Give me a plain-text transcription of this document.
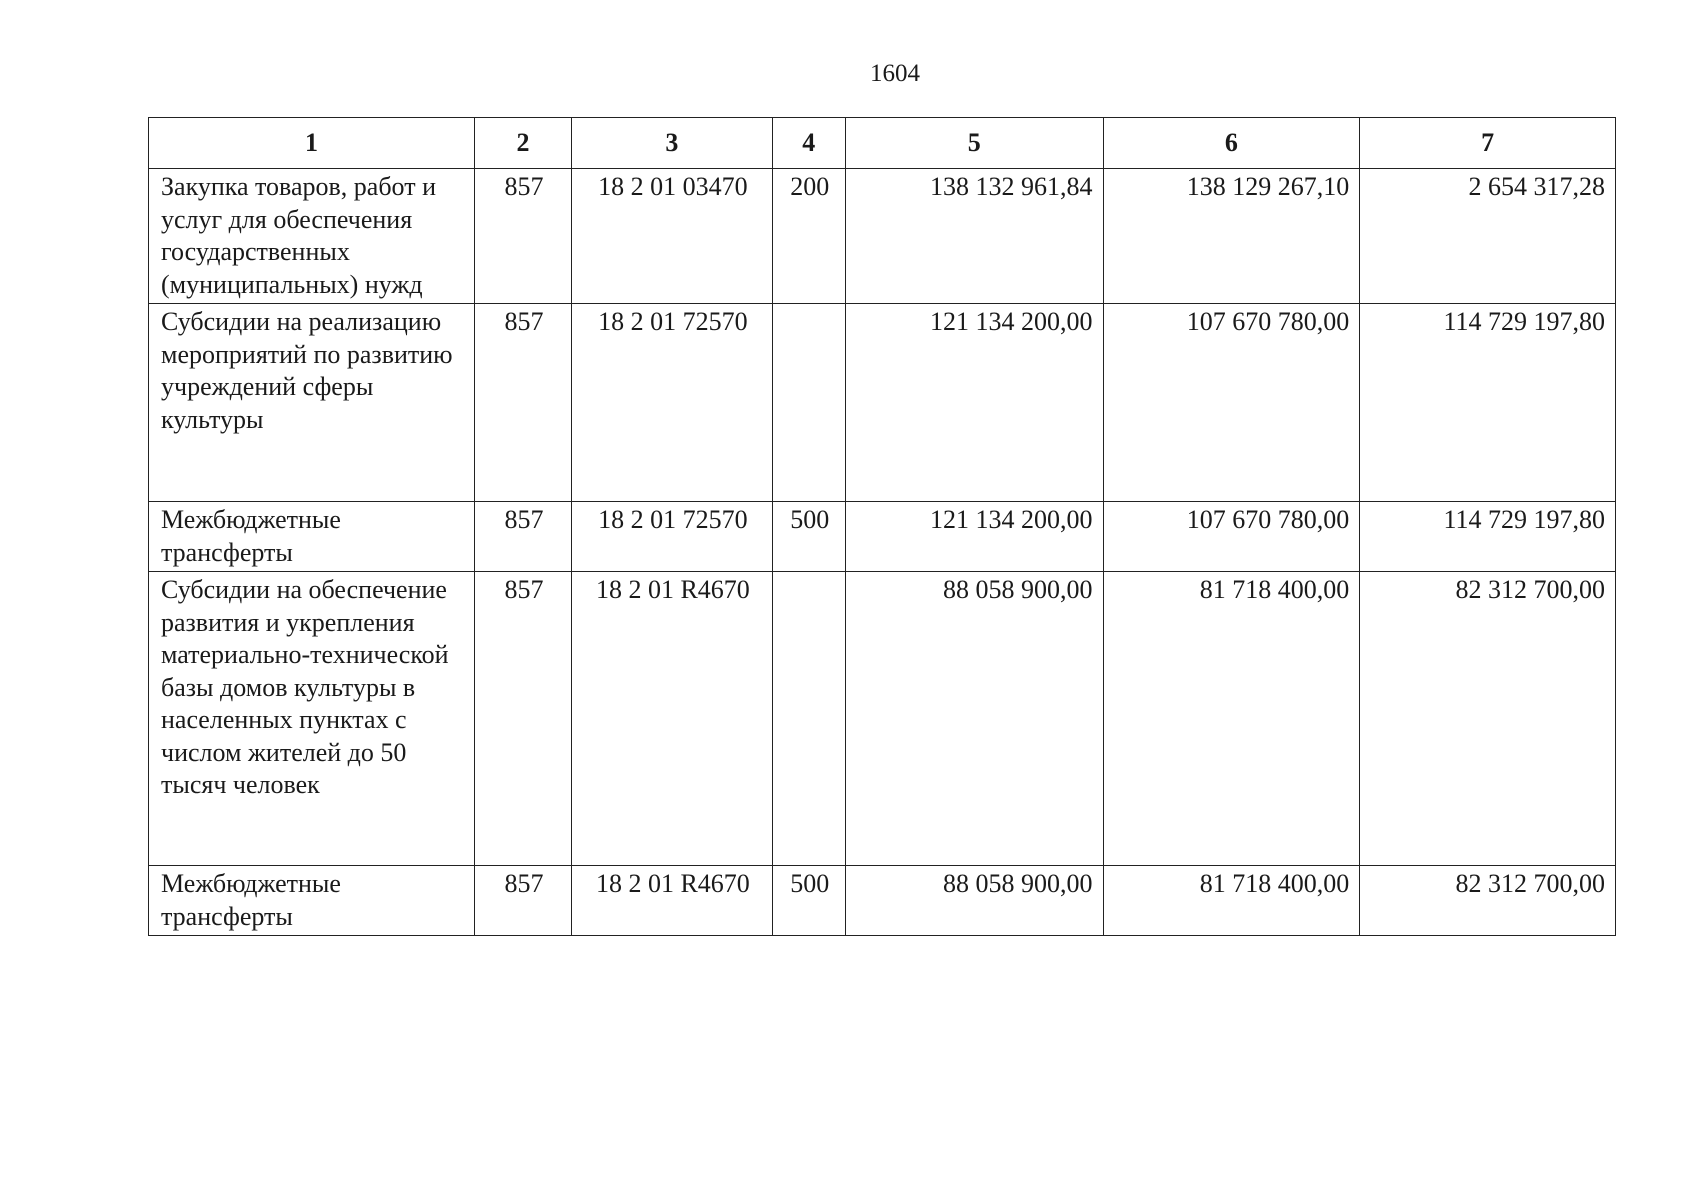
1604
1	2	3	4	5	6	7
Закупка товаров, работ и услуг для обеспечения государственных (муниципальных) нужд	857	18 2 01 03470	200	138 132 961,84	138 129 267,10	2 654 317,28
Субсидии на реализацию мероприятий по развитию учреждений сферы культуры	857	18 2 01 72570		121 134 200,00	107 670 780,00	114 729 197,80
Межбюджетные трансферты	857	18 2 01 72570	500	121 134 200,00	107 670 780,00	114 729 197,80
Субсидии на обеспечение развития и укрепления материально-технической базы домов культуры в населенных пунктах с числом жителей до 50 тысяч человек	857	18 2 01 R4670		88 058 900,00	81 718 400,00	82 312 700,00
Межбюджетные трансферты	857	18 2 01 R4670	500	88 058 900,00	81 718 400,00	82 312 700,00
